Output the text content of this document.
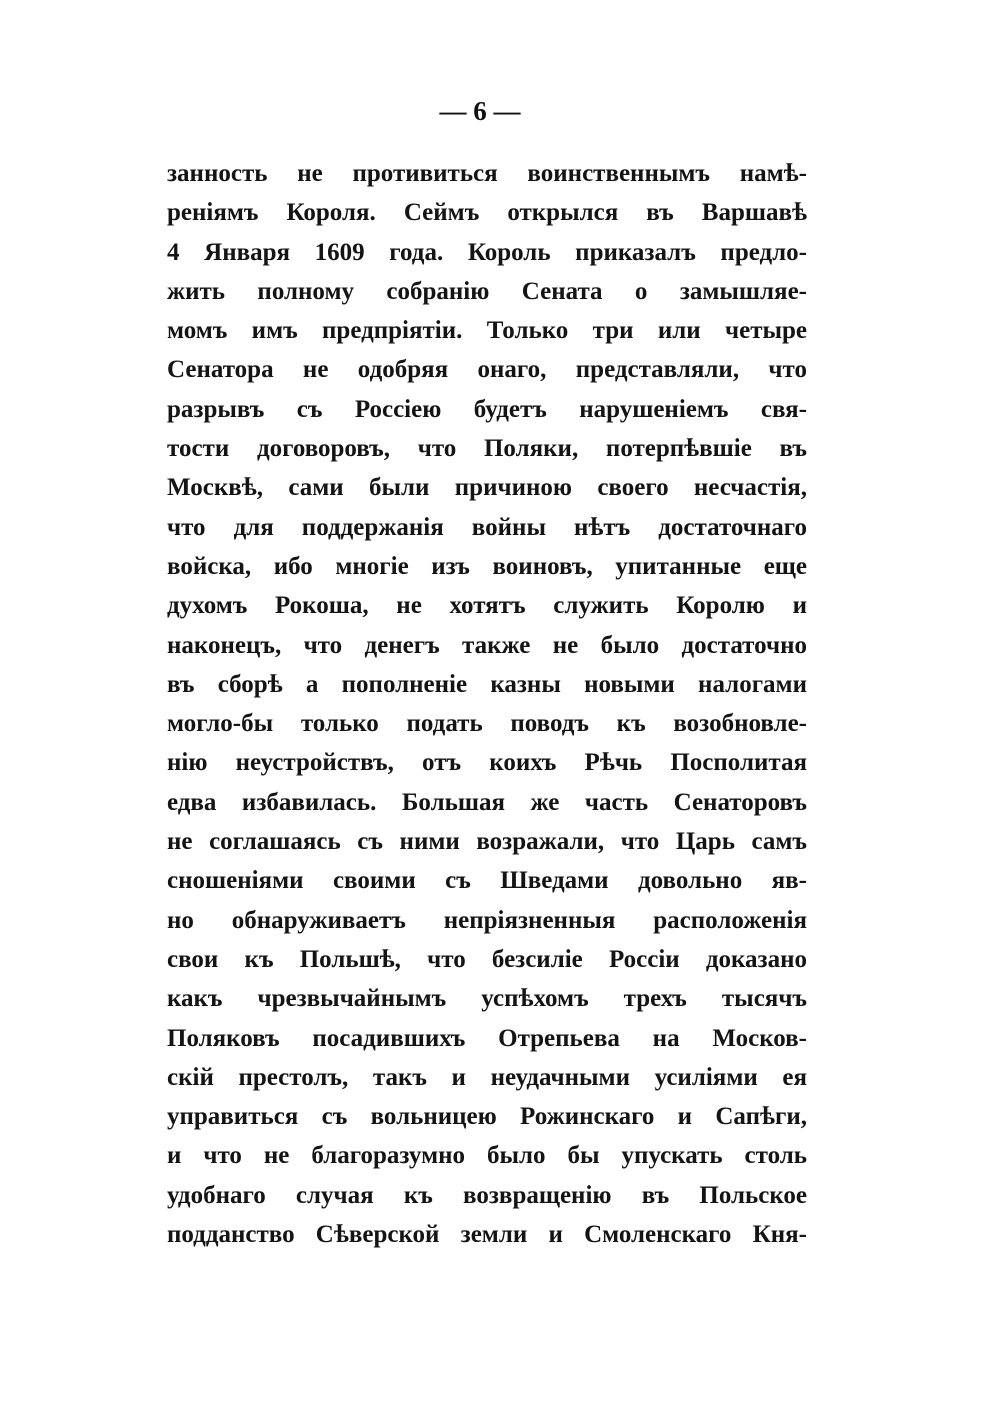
— 6 —
занность не противиться воинственнымъ намѣ-
реніямъ Короля. Сеймъ открылся въ Варшавѣ
4 Января 1609 года. Король приказалъ предло-
жить полному собранію Сената о замышляе-
момъ имъ предпріятіи. Только три или четыре
Сенатора не одобряя онаго, представляли, что
разрывъ съ Россіею будетъ нарушеніемъ свя-
тости договоровъ, что Поляки, потерпѣвшіе въ
Москвѣ, сами были причиною своего несчастія,
что для поддержанія войны нѣтъ достаточнаго
войска, ибо многіе изъ воиновъ, упитанные еще
духомъ Рокоша, не хотятъ служить Королю и
наконецъ, что денегъ также не было достаточно
въ сборѣ а пополненіе казны новыми налогами
могло-бы только подать поводъ къ возобновле-
нію неустройствъ, отъ коихъ Рѣчь Посполитая
едва избавилась. Большая же часть Сенаторовъ
не соглашаясь съ ними возражали, что Царь самъ
сношеніями своими съ Шведами довольно яв-
но обнаруживаетъ непріязненныя расположенія
свои къ Польшѣ, что безсиліе Россіи доказано
какъ чрезвычайнымъ успѣхомъ трехъ тысячъ
Поляковъ посадившихъ Отрепьева на Москов-
скій престолъ, такъ и неудачными усиліями ея
управиться съ вольницею Рожинскаго и Сапѣги,
и что не благоразумно было бы упускать столь
удобнаго случая къ возвращенію въ Польское
подданство Сѣверской земли и Смоленскаго Кня-
